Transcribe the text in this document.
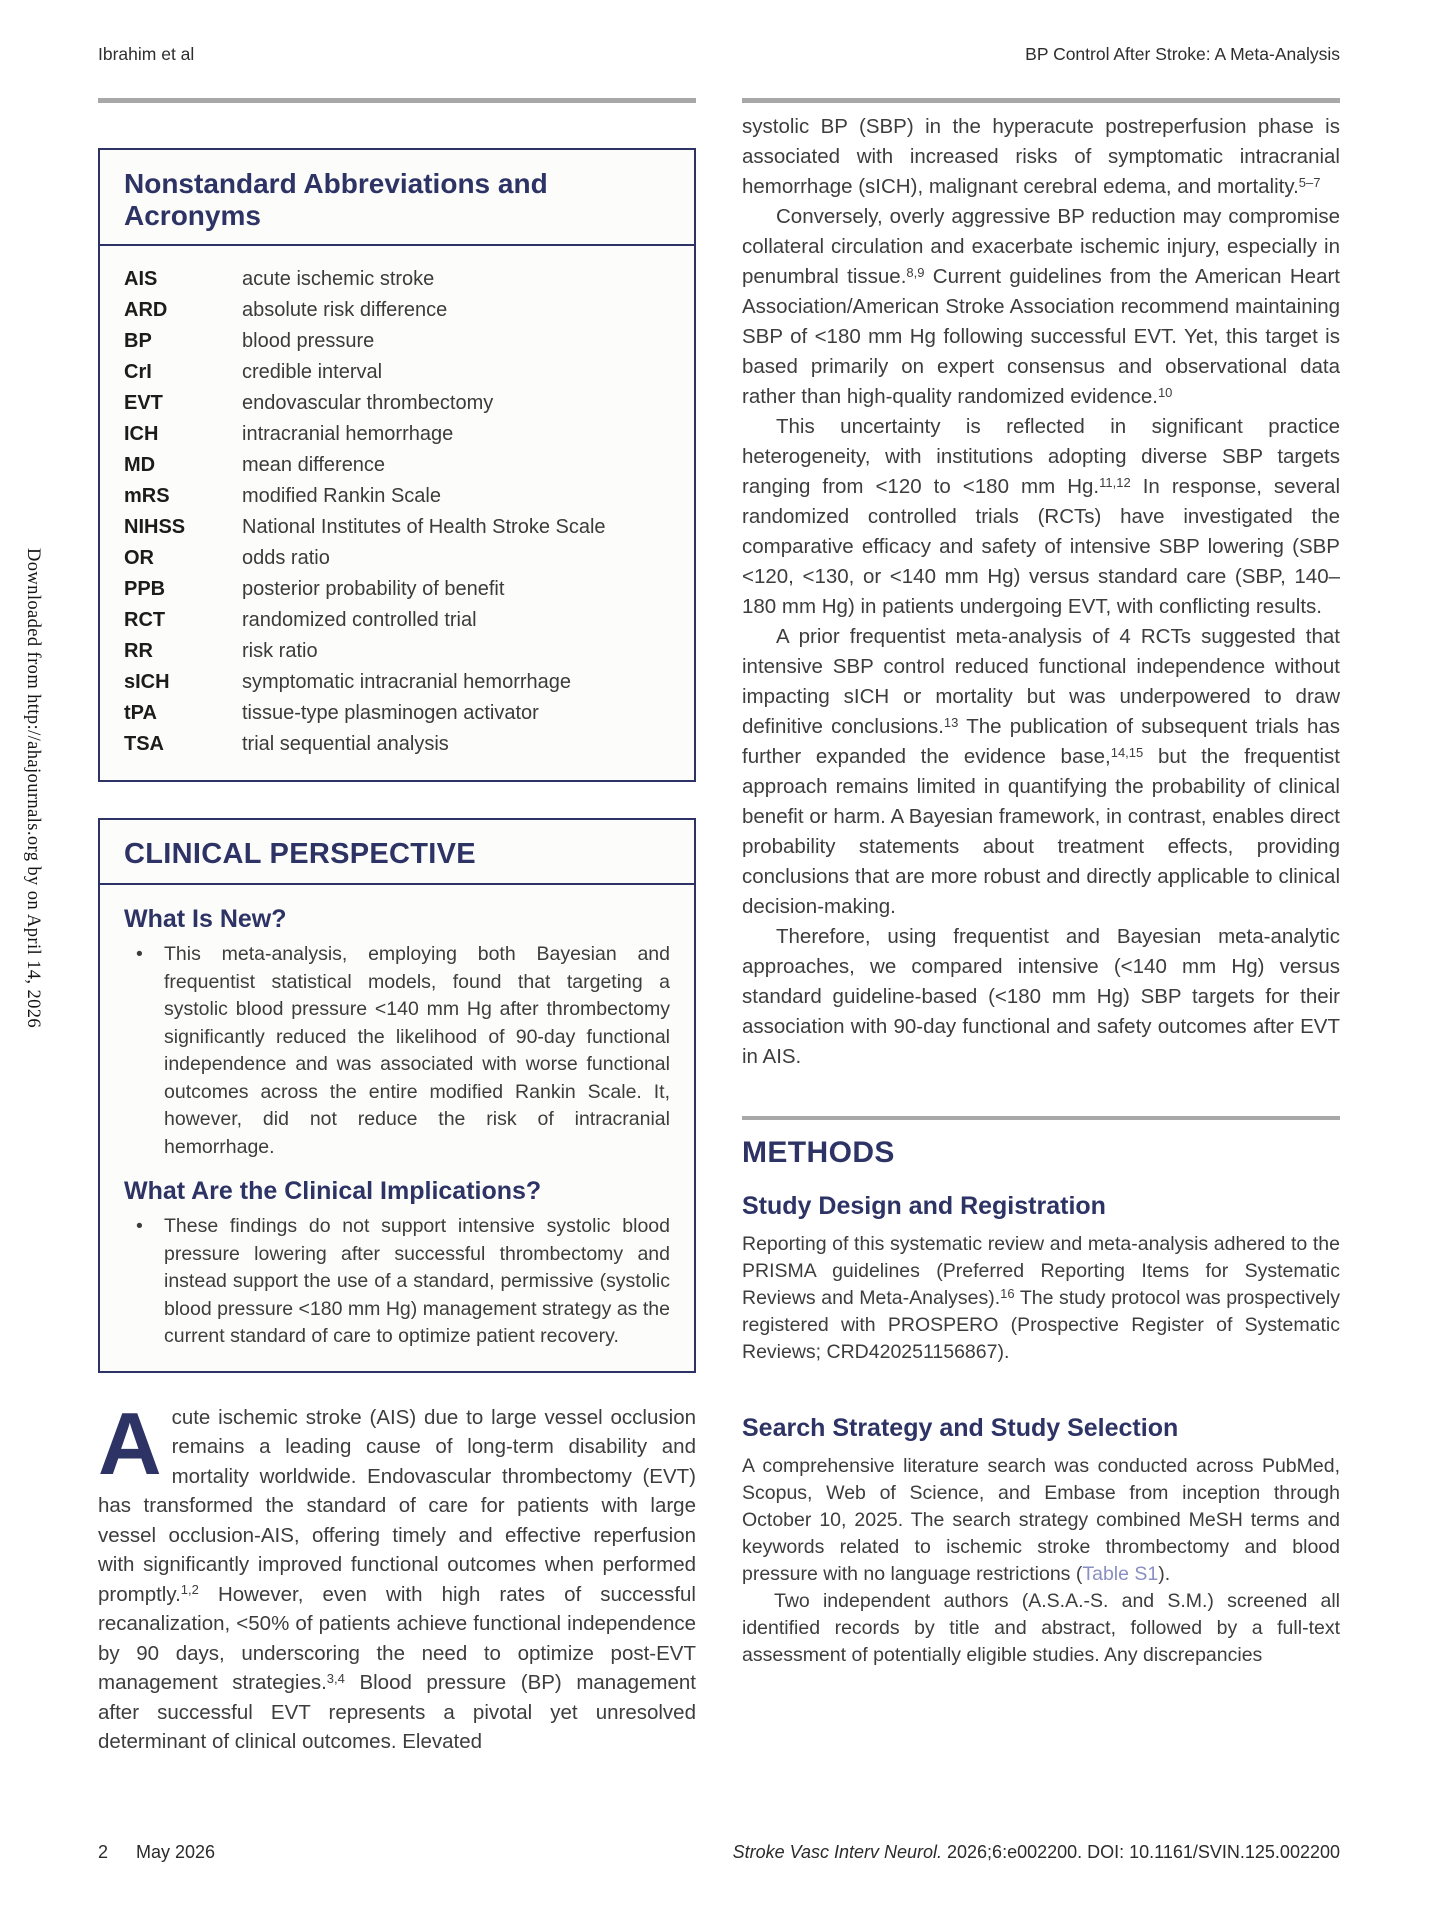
Downloaded from http://ahajournals.org by on April 14, 2026
Ibrahim et al	BP Control After Stroke: A Meta-Analysis
Nonstandard Abbreviations and Acronyms
AIS	acute ischemic stroke
ARD	absolute risk difference
BP	blood pressure
CrI	credible interval
EVT	endovascular thrombectomy
ICH	intracranial hemorrhage
MD	mean difference
mRS	modified Rankin Scale
NIHSS	National Institutes of Health Stroke Scale
OR	odds ratio
PPB	posterior probability of benefit
RCT	randomized controlled trial
RR	risk ratio
sICH	symptomatic intracranial hemorrhage
tPA	tissue-type plasminogen activator
TSA	trial sequential analysis
CLINICAL PERSPECTIVE
What Is New?
• This meta-analysis, employing both Bayesian and frequentist statistical models, found that targeting a systolic blood pressure <140 mm Hg after thrombectomy significantly reduced the likelihood of 90-day functional independence and was associated with worse functional outcomes across the entire modified Rankin Scale. It, however, did not reduce the risk of intracranial hemorrhage.
What Are the Clinical Implications?
• These findings do not support intensive systolic blood pressure lowering after successful thrombectomy and instead support the use of a standard, permissive (systolic blood pressure <180 mm Hg) management strategy as the current standard of care to optimize patient recovery.

Acute ischemic stroke (AIS) due to large vessel occlusion remains a leading cause of long-term disability and mortality worldwide. Endovascular thrombectomy (EVT) has transformed the standard of care for patients with large vessel occlusion-AIS, offering timely and effective reperfusion with significantly improved functional outcomes when performed promptly.$^{1,2}$ However, even with high rates of successful recanalization, <50% of patients achieve functional independence by 90 days, underscoring the need to optimize post-EVT management strategies.$^{3,4}$ Blood pressure (BP) management after successful EVT represents a pivotal yet unresolved determinant of clinical outcomes. Elevated

systolic BP (SBP) in the hyperacute postreperfusion phase is associated with increased risks of symptomatic intracranial hemorrhage (sICH), malignant cerebral edema, and mortality.$^{5-7}$

Conversely, overly aggressive BP reduction may compromise collateral circulation and exacerbate ischemic injury, especially in penumbral tissue.$^{8,9}$ Current guidelines from the American Heart Association/American Stroke Association recommend maintaining SBP of <180 mm Hg following successful EVT. Yet, this target is based primarily on expert consensus and observational data rather than high-quality randomized evidence.$^{10}$

This uncertainty is reflected in significant practice heterogeneity, with institutions adopting diverse SBP targets ranging from <120 to <180 mm Hg.$^{11,12}$ In response, several randomized controlled trials (RCTs) have investigated the comparative efficacy and safety of intensive SBP lowering (SBP <120, <130, or <140 mm Hg) versus standard care (SBP, 140–180 mm Hg) in patients undergoing EVT, with conflicting results.

A prior frequentist meta-analysis of 4 RCTs suggested that intensive SBP control reduced functional independence without impacting sICH or mortality but was underpowered to draw definitive conclusions.$^{13}$ The publication of subsequent trials has further expanded the evidence base,$^{14,15}$ but the frequentist approach remains limited in quantifying the probability of clinical benefit or harm. A Bayesian framework, in contrast, enables direct probability statements about treatment effects, providing conclusions that are more robust and directly applicable to clinical decision-making.

Therefore, using frequentist and Bayesian meta-analytic approaches, we compared intensive (<140 mm Hg) versus standard guideline-based (<180 mm Hg) SBP targets for their association with 90-day functional and safety outcomes after EVT in AIS.

METHODS
Study Design and Registration

Reporting of this systematic review and meta-analysis adhered to the PRISMA guidelines (Preferred Reporting Items for Systematic Reviews and Meta-Analyses).$^{16}$ The study protocol was prospectively registered with PROSPERO (Prospective Register of Systematic Reviews; CRD420251156867).

Search Strategy and Study Selection

A comprehensive literature search was conducted across PubMed, Scopus, Web of Science, and Embase from inception through October 10, 2025. The search strategy combined MeSH terms and keywords related to ischemic stroke thrombectomy and blood pressure with no language restrictions (Table S1).

Two independent authors (A.S.A.-S. and S.M.) screened all identified records by title and abstract, followed by a full-text assessment of potentially eligible studies. Any discrepancies

2 May 2026	Stroke Vasc Interv Neurol. 2026;6:e002200. DOI: 10.1161/SVIN.125.002200
